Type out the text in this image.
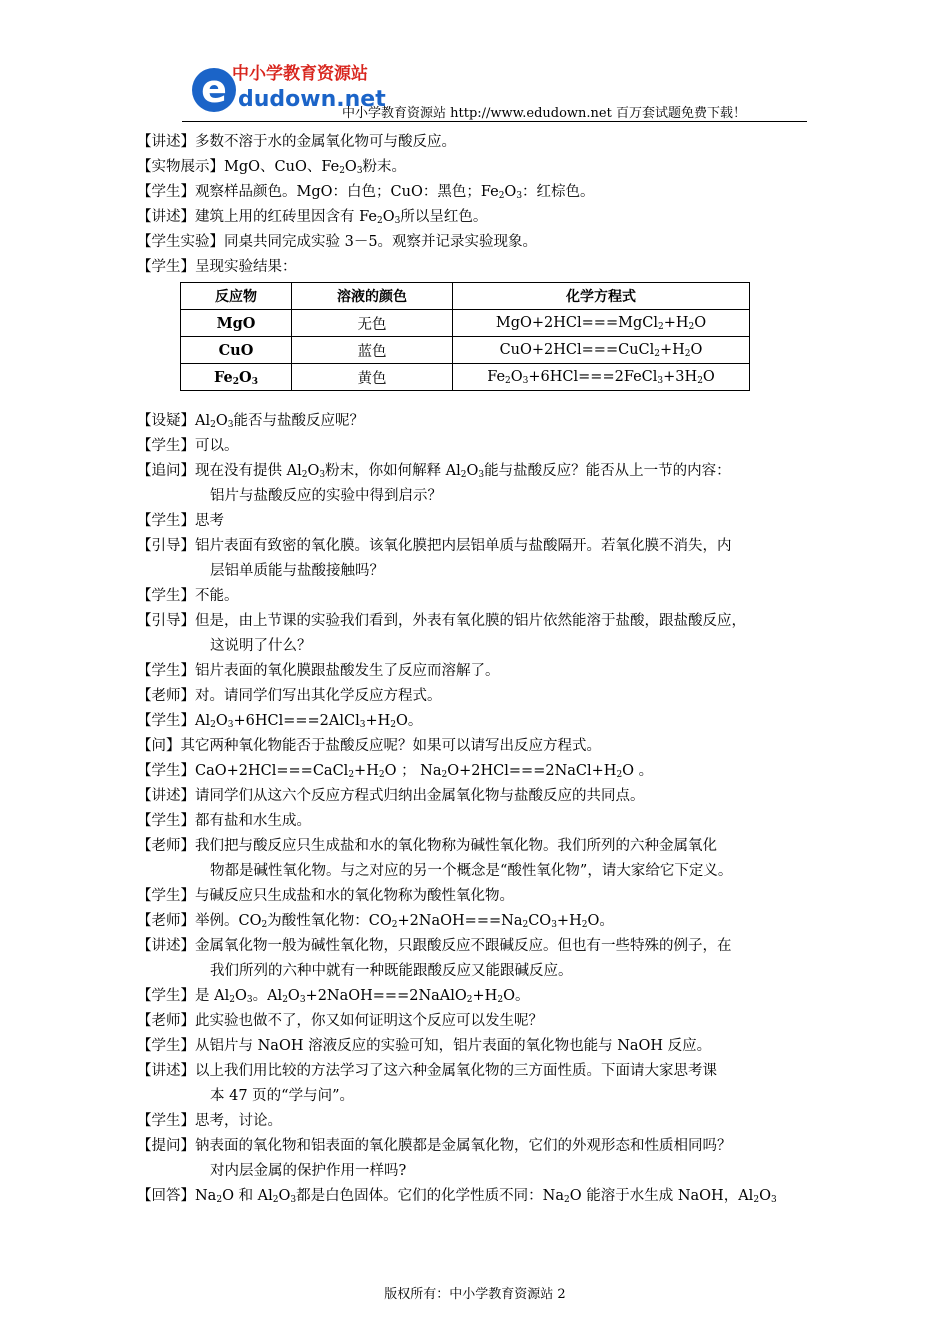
e 中小学教育资源站
dudown.net
中小学教育资源站 http://www.edudown.net 百万套试题免费下载！
【讲述】多数不溶于水的金属氧化物可与酸反应。
【实物展示】MgO、CuO、$Fe_2O_3$粉末。
【学生】观察样品颜色。MgO：白色；CuO：黑色；$Fe_2O_3$：红棕色。
【讲述】建筑上用的红砖里因含有 $Fe_2O_3$所以呈红色。
【学生实验】同桌共同完成实验 3－5。观察并记录实验现象。
【学生】呈现实验结果：
反应物	溶液的颜色	化学方程式
MgO	无色	$MgO+2HCl===MgCl_2+H_2O$
CuO	蓝色	$CuO+2HCl===CuCl_2+H_2O$
$Fe_2O_3$	黄色	$Fe_2O_3+6HCl===2FeCl_3+3H_2O$
【设疑】$Al_2O_3$能否与盐酸反应呢？
【学生】可以。
【追问】现在没有提供 $Al_2O_3$粉末，你如何解释 $Al_2O_3$能与盐酸反应？能否从上一节的内容：
铝片与盐酸反应的实验中得到启示？
【学生】思考
【引导】铝片表面有致密的氧化膜。该氧化膜把内层铝单质与盐酸隔开。若氧化膜不消失，内
层铝单质能与盐酸接触吗？
【学生】不能。
【引导】但是，由上节课的实验我们看到，外表有氧化膜的铝片依然能溶于盐酸，跟盐酸反应，
这说明了什么？
【学生】铝片表面的氧化膜跟盐酸发生了反应而溶解了。
【老师】对。请同学们写出其化学反应方程式。
【学生】$Al_2O_3+6HCl===2AlCl_3+H_2O$。
【问】其它两种氧化物能否于盐酸反应呢？如果可以请写出反应方程式。
【学生】$CaO+2HCl===CaCl_2+H_2O$ ； $Na_2O+2HCl===2NaCl+H_2O$ 。
【讲述】请同学们从这六个反应方程式归纳出金属氧化物与盐酸反应的共同点。
【学生】都有盐和水生成。
【老师】我们把与酸反应只生成盐和水的氧化物称为碱性氧化物。我们所列的六种金属氧化
物都是碱性氧化物。与之对应的另一个概念是“酸性氧化物”，请大家给它下定义。
【学生】与碱反应只生成盐和水的氧化物称为酸性氧化物。
【老师】举例。$CO_2$为酸性氧化物：$CO_2+2NaOH===Na_2CO_3+H_2O$。
【讲述】金属氧化物一般为碱性氧化物，只跟酸反应不跟碱反应。但也有一些特殊的例子，在
我们所列的六种中就有一种既能跟酸反应又能跟碱反应。
【学生】是 $Al_2O_3$。$Al_2O_3+2NaOH===2NaAlO_2+H_2O$。
【老师】此实验也做不了，你又如何证明这个反应可以发生呢？
【学生】从铝片与 NaOH 溶液反应的实验可知，铝片表面的氧化物也能与 NaOH 反应。
【讲述】以上我们用比较的方法学习了这六种金属氧化物的三方面性质。下面请大家思考课
本 47 页的“学与问”。
【学生】思考，讨论。
【提问】钠表面的氧化物和铝表面的氧化膜都是金属氧化物，它们的外观形态和性质相同吗？
对内层金属的保护作用一样吗?
【回答】$Na_2O$ 和 $Al_2O_3$都是白色固体。它们的化学性质不同：$Na_2O$ 能溶于水生成 NaOH，$Al_2O_3$
版权所有：中小学教育资源站 2
